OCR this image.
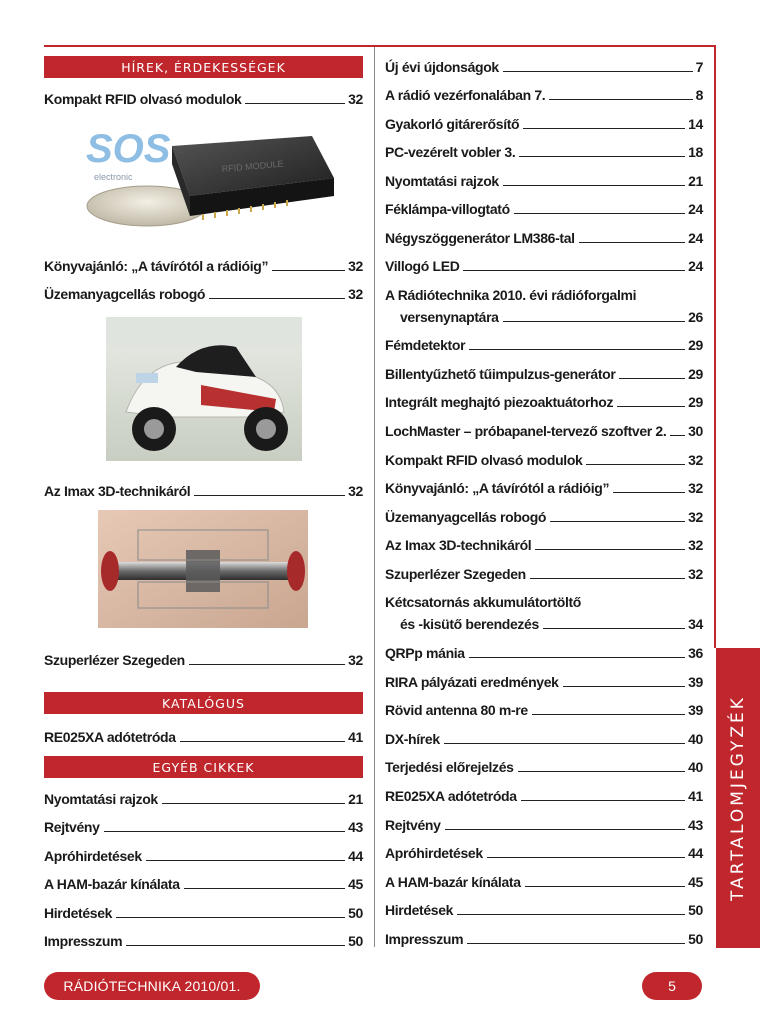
HÍREK, ÉRDEKESSÉGEK
Kompakt RFID olvasó modulok	32
RFID MODULE
SOS
electronic
Könyvajánló: „A távírótól a rádióig”	32
Üzemanyagcellás robogó	32
Az Imax 3D-technikáról	32
Szuperlézer Szegeden	32
KATALÓGUS
RE025XA adótetróda	41
EGYÉB CIKKEK
Nyomtatási rajzok	21
Rejtvény	43
Apróhirdetések	44
A HAM-bazár kínálata	45
Hirdetések	50
Impresszum	50
Új évi újdonságok	7
A rádió vezérfonalában 7.	8
Gyakorló gitárerősítő	14
PC-vezérelt vobler 3.	18
Nyomtatási rajzok	21
Féklámpa-villogtató	24
Négyszöggenerátor LM386-tal	24
Villogó LED	24
A Rádiótechnika 2010. évi rádióforgalmi
versenynaptára	26
Fémdetektor	29
Billentyűzhető tűimpulzus-generátor	29
Integrált meghajtó piezoaktuátorhoz	29
LochMaster – próbapanel-tervező szoftver 2. 30
Kompakt RFID olvasó modulok	32
Könyvajánló: „A távírótól a rádióig”	32
Üzemanyagcellás robogó	32
Az Imax 3D-technikáról	32
Szuperlézer Szegeden	32
Kétcsatornás akkumulátortöltő
és -kisütő berendezés	34
QRPp mánia	36
RIRA pályázati eredmények	39
Rövid antenna 80 m-re	39
DX-hírek	40
Terjedési előrejelzés	40
RE025XA adótetróda	41
Rejtvény	43
Apróhirdetések	44
A HAM-bazár kínálata	45
Hirdetések	50
Impresszum	50
TARTALOMJEGYZÉK
RÁDIÓTECHNIKA 2010/01.	5
